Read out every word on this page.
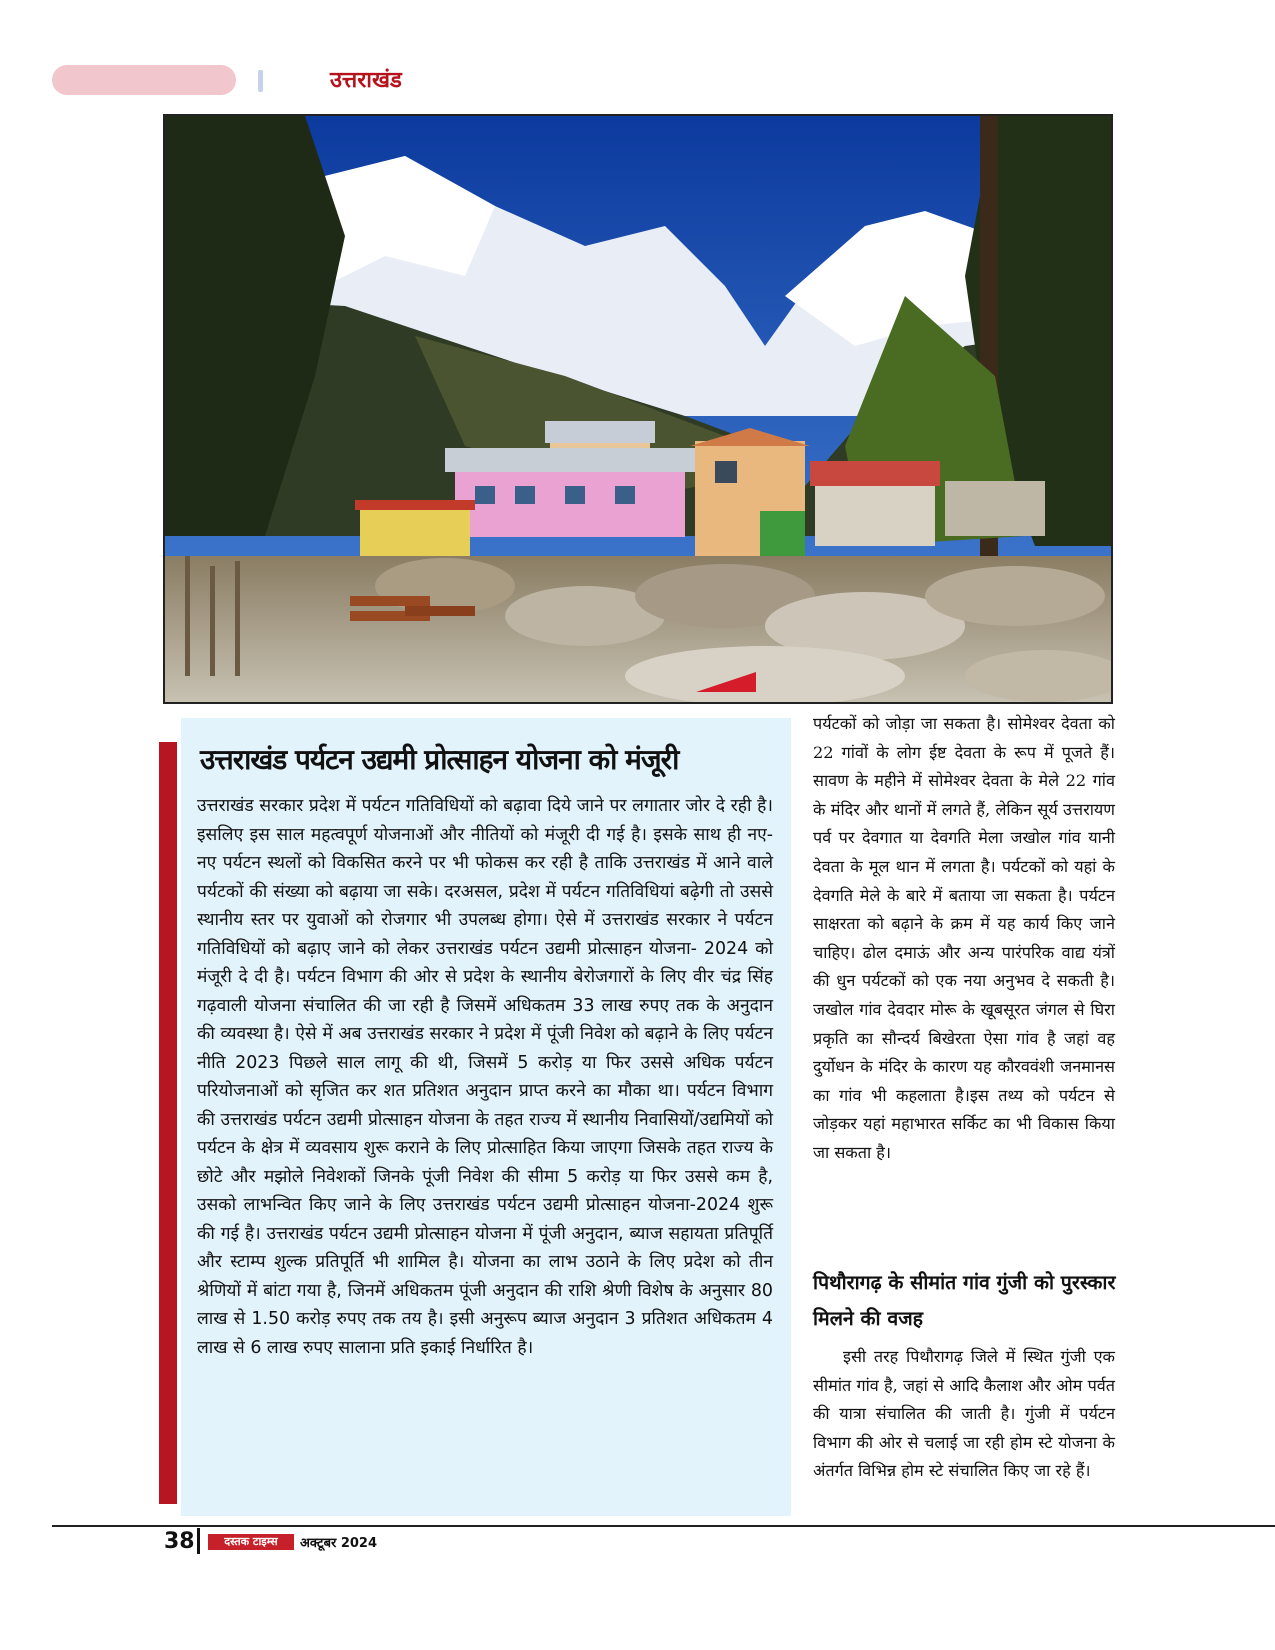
उत्तराखंड
उत्तराखंड पर्यटन उद्यमी प्रोत्साहन योजना को मंजूरी
उत्तराखंड सरकार प्रदेश में पर्यटन गतिविधियों को बढ़ावा दिये जाने पर लगातार जोर दे रही है। इसलिए इस साल महत्वपूर्ण योजनाओं और नीतियों को मंजूरी दी गई है। इसके साथ ही नए-नए पर्यटन स्थलों को विकसित करने पर भी फोकस कर रही है ताकि उत्तराखंड में आने वाले पर्यटकों की संख्या को बढ़ाया जा सके। दरअसल, प्रदेश में पर्यटन गतिविधियां बढ़ेगी तो उससे स्थानीय स्तर पर युवाओं को रोजगार भी उपलब्ध होगा। ऐसे में उत्तराखंड सरकार ने पर्यटन गतिविधियों को बढ़ाए जाने को लेकर उत्तराखंड पर्यटन उद्यमी प्रोत्साहन योजना- 2024 को मंजूरी दे दी है। पर्यटन विभाग की ओर से प्रदेश के स्थानीय बेरोजगारों के लिए वीर चंद्र सिंह गढ़वाली योजना संचालित की जा रही है जिसमें अधिकतम 33 लाख रुपए तक के अनुदान की व्यवस्था है। ऐसे में अब उत्तराखंड सरकार ने प्रदेश में पूंजी निवेश को बढ़ाने के लिए पर्यटन नीति 2023 पिछले साल लागू की थी, जिसमें 5 करोड़ या फिर उससे अधिक पर्यटन परियोजनाओं को सृजित कर शत प्रतिशत अनुदान प्राप्त करने का मौका था। पर्यटन विभाग की उत्तराखंड पर्यटन उद्यमी प्रोत्साहन योजना के तहत राज्य में स्थानीय निवासियों/उद्यमियों को पर्यटन के क्षेत्र में व्यवसाय शुरू कराने के लिए प्रोत्साहित किया जाएगा जिसके तहत राज्य के छोटे और मझोले निवेशकों जिनके पूंजी निवेश की सीमा 5 करोड़ या फिर उससे कम है, उसको लाभन्वित किए जाने के लिए उत्तराखंड पर्यटन उद्यमी प्रोत्साहन योजना-2024 शुरू की गई है। उत्तराखंड पर्यटन उद्यमी प्रोत्साहन योजना में पूंजी अनुदान, ब्याज सहायता प्रतिपूर्ति और स्टाम्प शुल्क प्रतिपूर्ति भी शामिल है। योजना का लाभ उठाने के लिए प्रदेश को तीन श्रेणियों में बांटा गया है, जिनमें अधिकतम पूंजी अनुदान की राशि श्रेणी विशेष के अनुसार 80 लाख से 1.50 करोड़ रुपए तक तय है। इसी अनुरूप ब्याज अनुदान 3 प्रतिशत अधिकतम 4 लाख से 6 लाख रुपए सालाना प्रति इकाई निर्धारित है।
पर्यटकों को जोड़ा जा सकता है। सोमेश्वर देवता को 22 गांवों के लोग ईष्ट देवता के रूप में पूजते हैं। सावण के महीने में सोमेश्वर देवता के मेले 22 गांव के मंदिर और थानों में लगते हैं, लेकिन सूर्य उत्तरायण पर्व पर देवगात या देवगति मेला जखोल गांव यानी देवता के मूल थान में लगता है। पर्यटकों को यहां के देवगति मेले के बारे में बताया जा सकता है। पर्यटन साक्षरता को बढ़ाने के क्रम में यह कार्य किए जाने चाहिए। ढोल दमाऊं और अन्य पारंपरिक वाद्य यंत्रों की धुन पर्यटकों को एक नया अनुभव दे सकती है। जखोल गांव देवदार मोरू के खूबसूरत जंगल से घिरा प्रकृति का सौन्दर्य बिखेरता ऐसा गांव है जहां वह दुर्योधन के मंदिर के कारण यह कौरववंशी जनमानस का गांव भी कहलाता है।इस तथ्य को पर्यटन से जोड़कर यहां महाभारत सर्किट का भी विकास किया जा सकता है।
पिथौरागढ़ के सीमांत गांव गुंजी को पुरस्कार मिलने की वजह
इसी तरह पिथौरागढ़ जिले में स्थित गुंजी एक सीमांत गांव है, जहां से आदि कैलाश और ओम पर्वत की यात्रा संचालित की जाती है। गुंजी में पर्यटन विभाग की ओर से चलाई जा रही होम स्टे योजना के अंतर्गत विभिन्न होम स्टे संचालित किए जा रहे हैं।
38	दस्तक टाइम्स	अक्टूबर 2024
